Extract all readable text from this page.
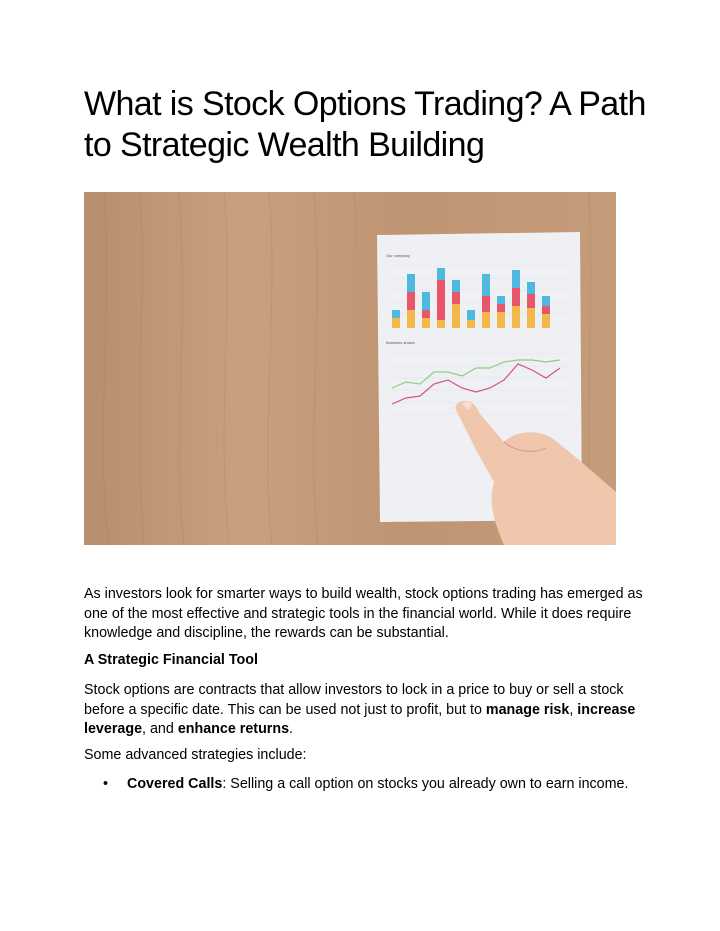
What is Stock Options Trading? A Path to Strategic Wealth Building
Our company
Business shows

As investors look for smarter ways to build wealth, stock options trading has emerged as one of the most effective and strategic tools in the financial world. While it does require knowledge and discipline, the rewards can be substantial.

A Strategic Financial Tool

Stock options are contracts that allow investors to lock in a price to buy or sell a stock before a specific date. This can be used not just to profit, but to manage risk, increase leverage, and enhance returns.

Some advanced strategies include:

• Covered Calls: Selling a call option on stocks you already own to earn income.
